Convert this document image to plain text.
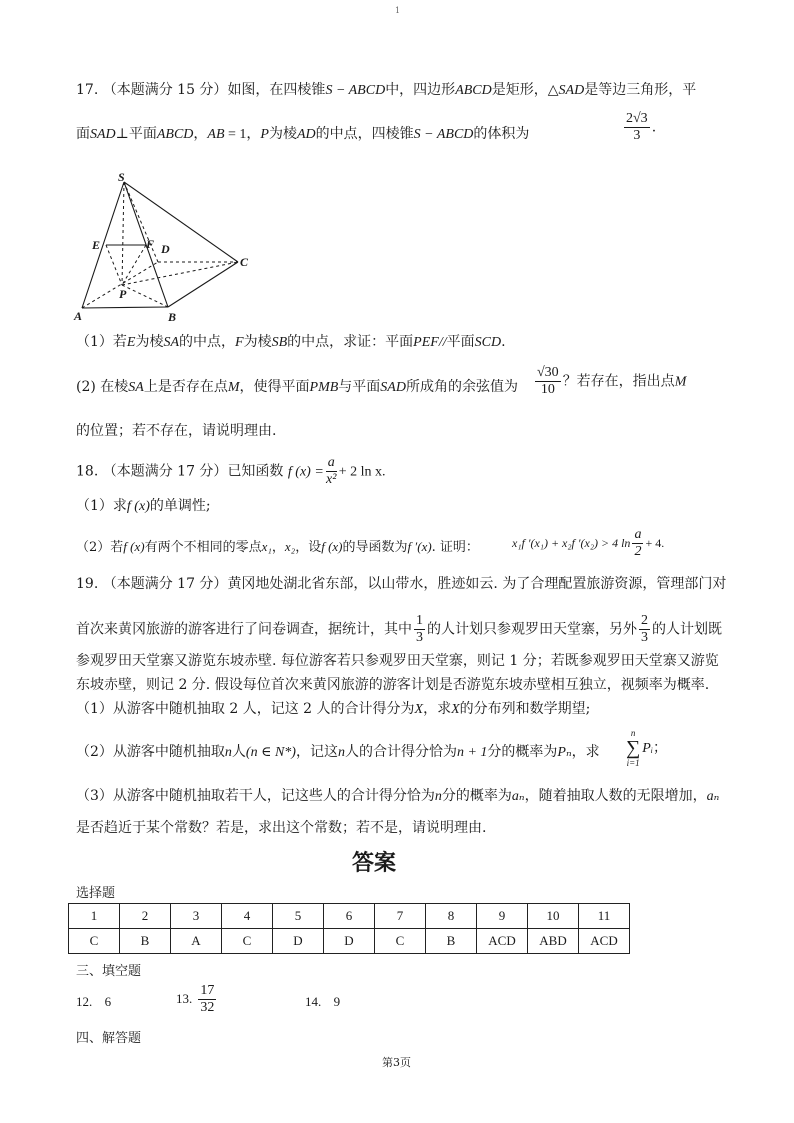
1
17. （本题满分 15 分）如图，在四棱锥S − ABCD中，四边形ABCD是矩形，△SAD是等边三角形，平
面SAD⊥平面ABCD，AB = 1，P为棱AD的中点，四棱锥S − ABCD的体积为	$\frac{2√3}{3}$ .
S
E	F D
C
P
A	B
（1）若E为棱SA的中点，F为棱SB的中点，求证：平面PEF//平面SCD.
(2) 在棱SA上是否存在点M，使得平面PMB与平面SAD所成角的余弦值为 $\frac{√30}{10}$ ？若存在，指出点M
的位置；若不存在，请说明理由.
18. （本题满分 17 分）已知函数 f $(x) = \frac{a}{\text{x²}} + 2$ ln x.
（1）求f (x)的单调性;
（2）若f (x)有两个不相同的零点x₁，x₂，设f (x)的导函数为f ′(x). 证明：	x₁f ′(x₁) + x₂f ′(x₂) > 4 $\ln \frac{a}{2} + 4$.
19. （本题满分 17 分）黄冈地处湖北省东部，以山带水，胜迹如云. 为了合理配置旅游资源，管理部门对
首次来黄冈旅游的游客进行了问卷调查，据统计，其中 $\frac{1}{3}$ 的人计划只参观罗田天堂寨，另外 $\frac{2}{3}$ 的人计划既
参观罗田天堂寨又游览东坡赤壁. 每位游客若只参观罗田天堂寨，则记 1 分；若既参观罗田天堂寨又游览
东坡赤壁，则记 2 分. 假设每位首次来黄冈旅游的游客计划是否游览东坡赤壁相互独立，视频率为概率.
（1）从游客中随机抽取 2 人，记这 2 人的合计得分为X，求X的分布列和数学期望;
（2）从游客中随机抽取n人(n ∈ N*)，记这n人的合计得分恰为n + 1分的概率为Pₙ，求
n
∑
i=1
Pᵢ；
（3）从游客中随机抽取若干人，记这些人的合计得分恰为n分的概率为aₙ，随着抽取人数的无限增加，aₙ
是否趋近于某个常数？若是，求出这个常数；若不是，请说明理由.
答案
选择题
1	2	3	4	5	6	7	8	9	10	11
C	B	A	C	D	D	C	B	ACD	ABD	ACD
三、填空题
12. 6	13. $\frac{17}{32}$	14. 9
四、解答题
第3页
